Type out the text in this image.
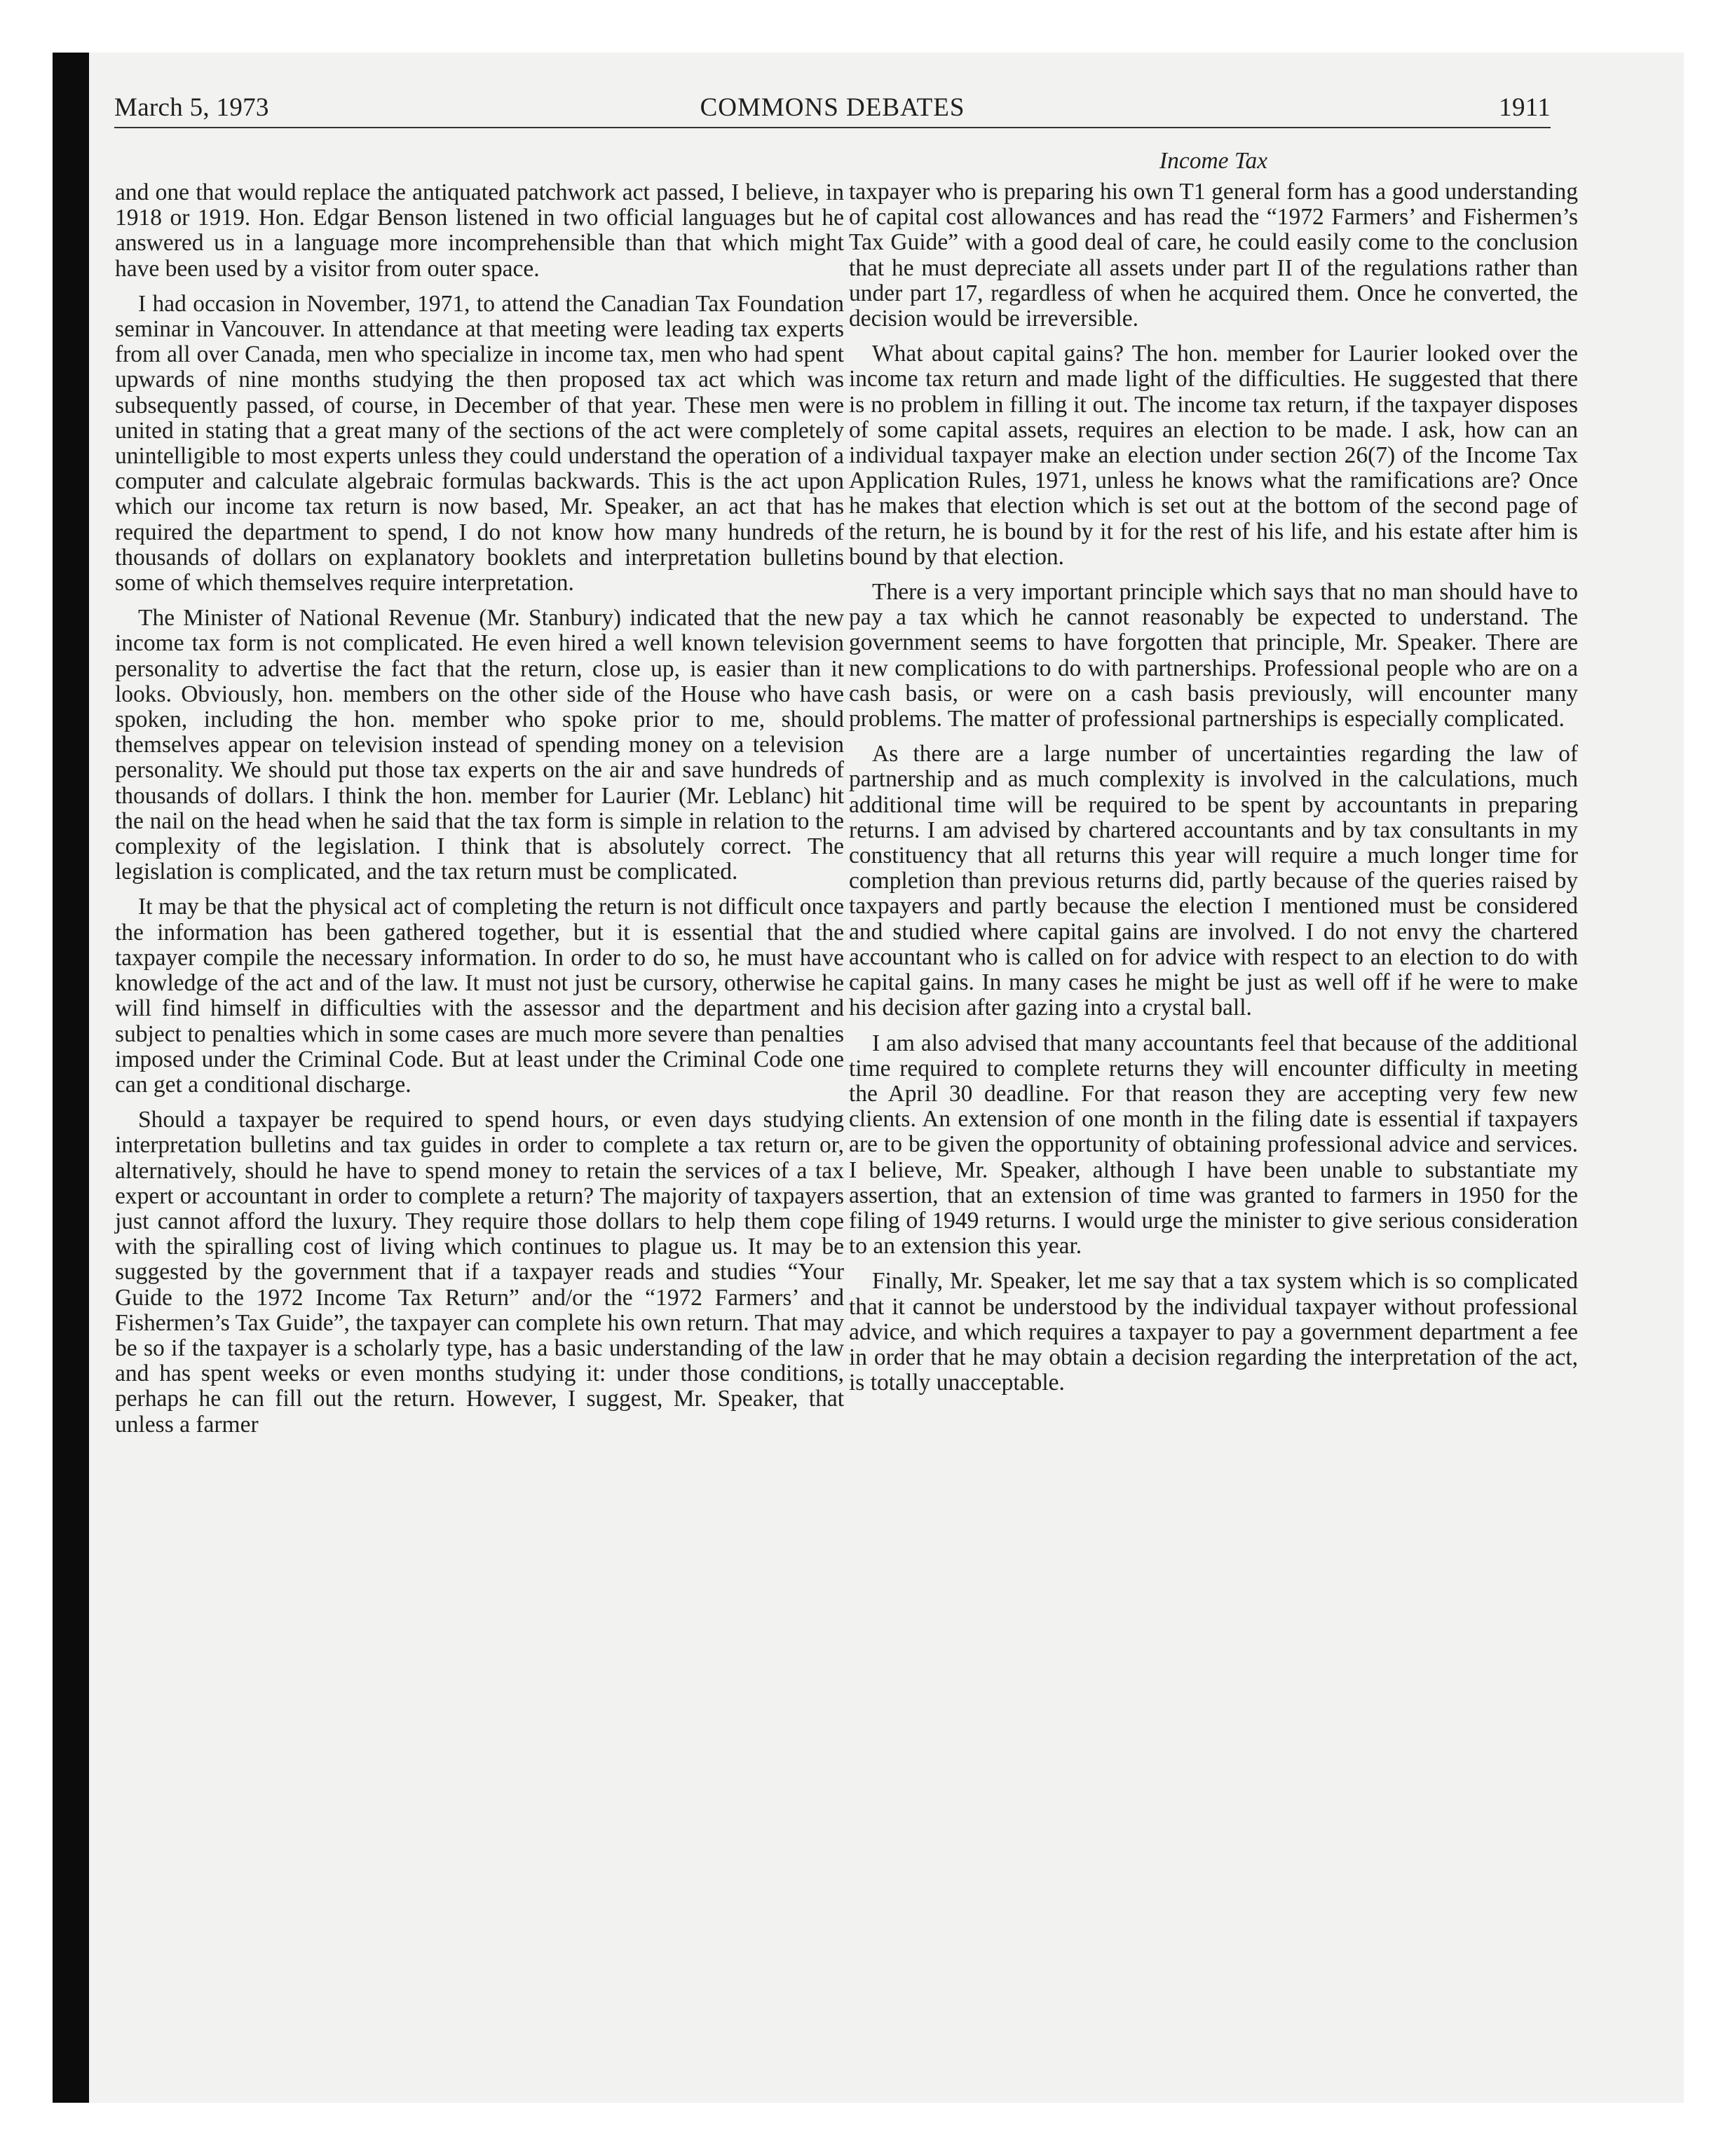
March 5, 1973	COMMONS DEBATES	1911

and one that would replace the antiquated patchwork act passed, I believe, in 1918 or 1919. Hon. Edgar Benson listened in two official languages but he answered us in a language more incomprehensible than that which might have been used by a visitor from outer space.

I had occasion in November, 1971, to attend the Canadian Tax Foundation seminar in Vancouver. In attendance at that meeting were leading tax experts from all over Canada, men who specialize in income tax, men who had spent upwards of nine months studying the then proposed tax act which was subsequently passed, of course, in December of that year. These men were united in stating that a great many of the sections of the act were completely unintelligible to most experts unless they could understand the operation of a computer and calculate algebraic formulas backwards. This is the act upon which our income tax return is now based, Mr. Speaker, an act that has required the department to spend, I do not know how many hundreds of thousands of dollars on explanatory booklets and interpretation bulletins some of which themselves require interpretation.

The Minister of National Revenue (Mr. Stanbury) indicated that the new income tax form is not complicated. He even hired a well known television personality to advertise the fact that the return, close up, is easier than it looks. Obviously, hon. members on the other side of the House who have spoken, including the hon. member who spoke prior to me, should themselves appear on television instead of spending money on a television personality. We should put those tax experts on the air and save hundreds of thousands of dollars. I think the hon. member for Laurier (Mr. Leblanc) hit the nail on the head when he said that the tax form is simple in relation to the complexity of the legislation. I think that is absolutely correct. The legislation is complicated, and the tax return must be complicated.

It may be that the physical act of completing the return is not difficult once the information has been gathered together, but it is essential that the taxpayer compile the necessary information. In order to do so, he must have knowledge of the act and of the law. It must not just be cursory, otherwise he will find himself in difficulties with the assessor and the department and subject to penalties which in some cases are much more severe than penalties imposed under the Criminal Code. But at least under the Criminal Code one can get a conditional discharge.

Should a taxpayer be required to spend hours, or even days studying interpretation bulletins and tax guides in order to complete a tax return or, alternatively, should he have to spend money to retain the services of a tax expert or accountant in order to complete a return? The majority of taxpayers just cannot afford the luxury. They require those dollars to help them cope with the spiralling cost of living which continues to plague us. It may be suggested by the government that if a taxpayer reads and studies “Your Guide to the 1972 Income Tax Return” and/or the “1972 Farmers’ and Fishermen’s Tax Guide”, the taxpayer can complete his own return. That may be so if the taxpayer is a scholarly type, has a basic understanding of the law and has spent weeks or even months studying it: under those conditions, perhaps he can fill out the return. However, I suggest, Mr. Speaker, that unless a farmer

Income Tax

taxpayer who is preparing his own T1 general form has a good understanding of capital cost allowances and has read the “1972 Farmers’ and Fishermen’s Tax Guide” with a good deal of care, he could easily come to the conclusion that he must depreciate all assets under part II of the regulations rather than under part 17, regardless of when he acquired them. Once he converted, the decision would be irreversible.

What about capital gains? The hon. member for Laurier looked over the income tax return and made light of the difficulties. He suggested that there is no problem in filling it out. The income tax return, if the taxpayer disposes of some capital assets, requires an election to be made. I ask, how can an individual taxpayer make an election under section 26(7) of the Income Tax Application Rules, 1971, unless he knows what the ramifications are? Once he makes that election which is set out at the bottom of the second page of the return, he is bound by it for the rest of his life, and his estate after him is bound by that election.

There is a very important principle which says that no man should have to pay a tax which he cannot reasonably be expected to understand. The government seems to have forgotten that principle, Mr. Speaker. There are new complications to do with partnerships. Professional people who are on a cash basis, or were on a cash basis previously, will encounter many problems. The matter of professional partnerships is especially complicated.

As there are a large number of uncertainties regarding the law of partnership and as much complexity is involved in the calculations, much additional time will be required to be spent by accountants in preparing returns. I am advised by chartered accountants and by tax consultants in my constituency that all returns this year will require a much longer time for completion than previous returns did, partly because of the queries raised by taxpayers and partly because the election I mentioned must be considered and studied where capital gains are involved. I do not envy the chartered accountant who is called on for advice with respect to an election to do with capital gains. In many cases he might be just as well off if he were to make his decision after gazing into a crystal ball.

I am also advised that many accountants feel that because of the additional time required to complete returns they will encounter difficulty in meeting the April 30 deadline. For that reason they are accepting very few new clients. An extension of one month in the filing date is essential if taxpayers are to be given the opportunity of obtaining professional advice and services. I believe, Mr. Speaker, although I have been unable to substantiate my assertion, that an extension of time was granted to farmers in 1950 for the filing of 1949 returns. I would urge the minister to give serious consideration to an extension this year.

Finally, Mr. Speaker, let me say that a tax system which is so complicated that it cannot be understood by the individual taxpayer without professional advice, and which requires a taxpayer to pay a government department a fee in order that he may obtain a decision regarding the interpretation of the act, is totally unacceptable.
